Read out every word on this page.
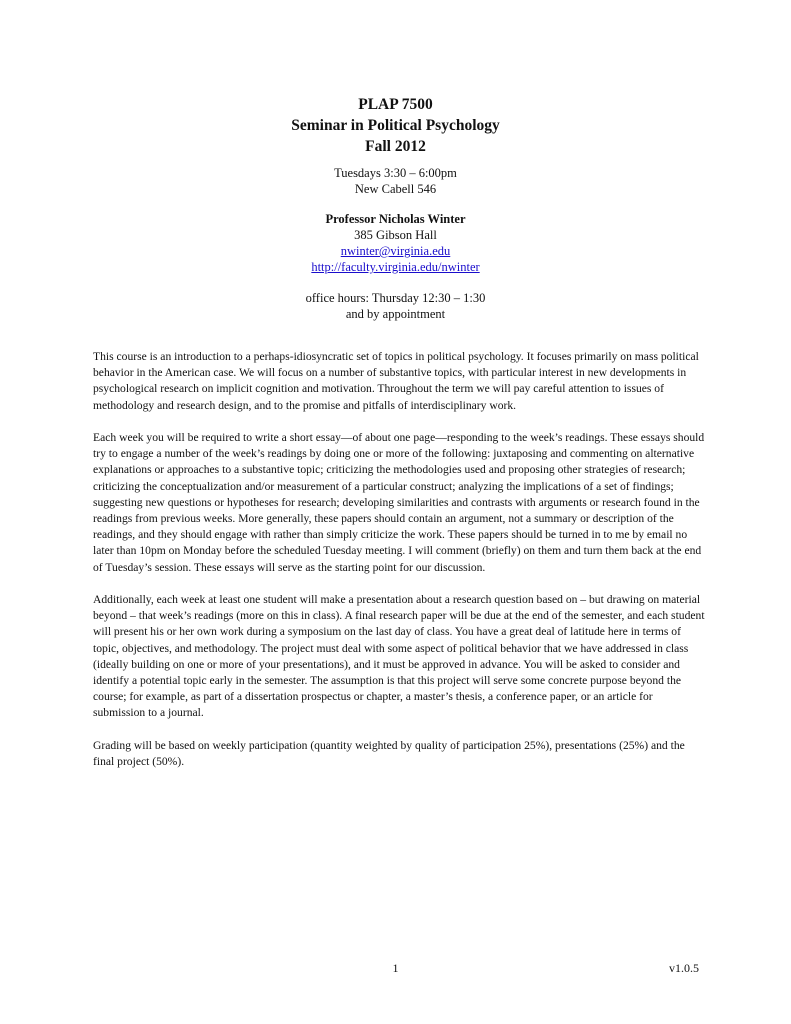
PLAP 7500

Seminar in Political Psychology

Fall 2012

Tuesdays 3:30 – 6:00pm

New Cabell 546

Professor Nicholas Winter

385 Gibson Hall

nwinter@virginia.edu

http://faculty.virginia.edu/nwinter

office hours: Thursday 12:30 – 1:30

and by appointment

This course is an introduction to a perhaps-idiosyncratic set of topics in political psychology. It focuses primarily on mass political behavior in the American case. We will focus on a number of substantive topics, with particular interest in new developments in psychological research on implicit cognition and motivation. Throughout the term we will pay careful attention to issues of methodology and research design, and to the promise and pitfalls of interdisciplinary work.

Each week you will be required to write a short essay—of about one page—responding to the week’s readings. These essays should try to engage a number of the week’s readings by doing one or more of the following: juxtaposing and commenting on alternative explanations or approaches to a substantive topic; criticizing the methodologies used and proposing other strategies of research; criticizing the conceptualization and/or measurement of a particular construct; analyzing the implications of a set of findings; suggesting new questions or hypotheses for research; developing similarities and contrasts with arguments or research found in the readings from previous weeks. More generally, these papers should contain an argument, not a summary or description of the readings, and they should engage with rather than simply criticize the work. These papers should be turned in to me by email no later than 10pm on Monday before the scheduled Tuesday meeting. I will comment (briefly) on them and turn them back at the end of Tuesday’s session. These essays will serve as the starting point for our discussion.

Additionally, each week at least one student will make a presentation about a research question based on – but drawing on material beyond – that week’s readings (more on this in class). A final research paper will be due at the end of the semester, and each student will present his or her own work during a symposium on the last day of class. You have a great deal of latitude here in terms of topic, objectives, and methodology. The project must deal with some aspect of political behavior that we have addressed in class (ideally building on one or more of your presentations), and it must be approved in advance. You will be asked to consider and identify a potential topic early in the semester. The assumption is that this project will serve some concrete purpose beyond the course; for example, as part of a dissertation prospectus or chapter, a master’s thesis, a conference paper, or an article for submission to a journal.

Grading will be based on weekly participation (quantity weighted by quality of participation 25%), presentations (25%) and the final project (50%).

1	v1.0.5
